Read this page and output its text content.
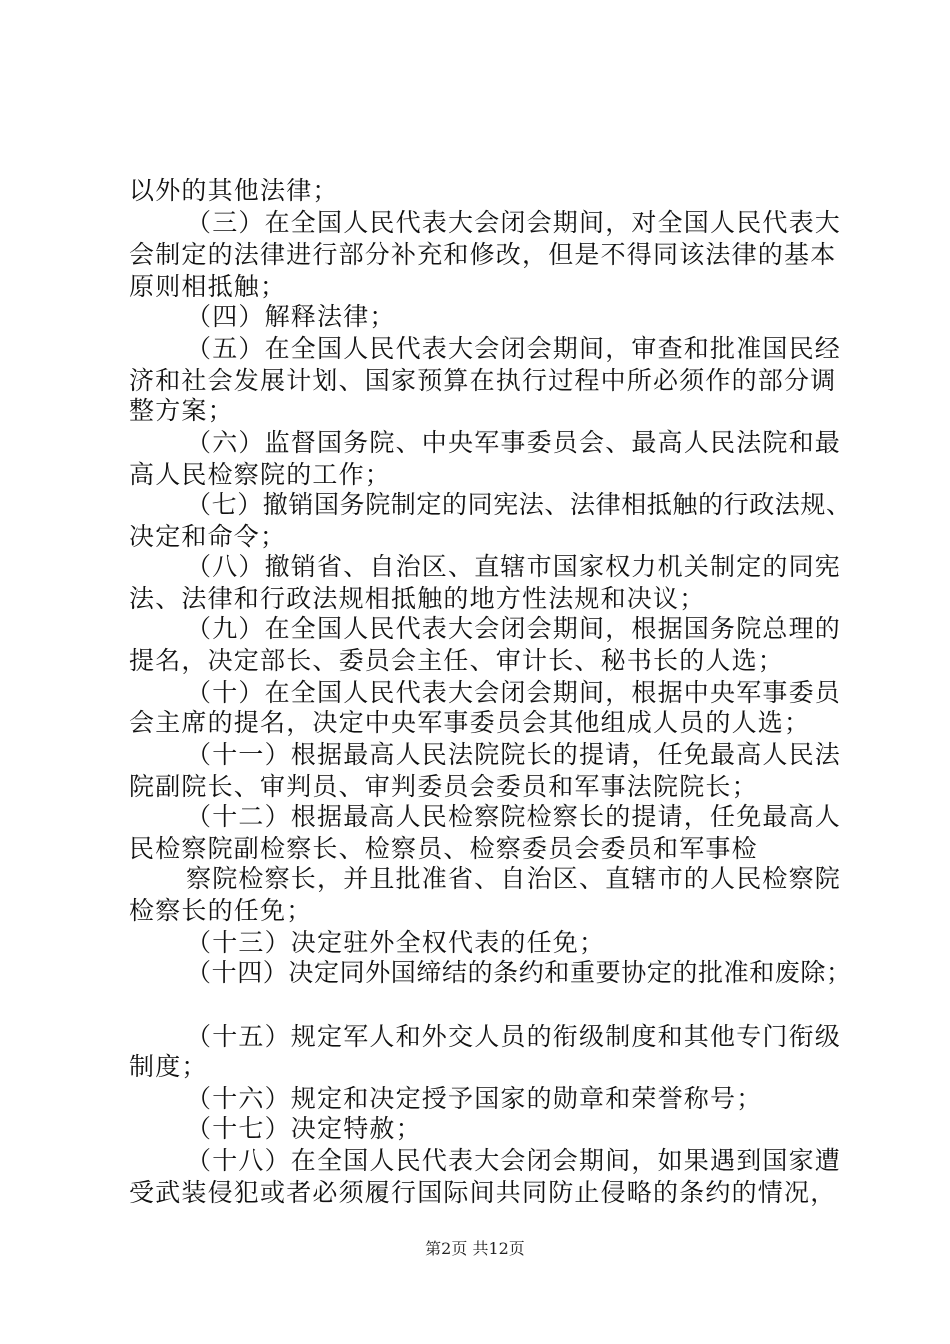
以外的其他法律；
（三）在全国人民代表大会闭会期间，对全国人民代表大
会制定的法律进行部分补充和修改，但是不得同该法律的基本
原则相抵触；
（四）解释法律；
（五）在全国人民代表大会闭会期间，审查和批准国民经
济和社会发展计划、国家预算在执行过程中所必须作的部分调
整方案；
（六）监督国务院、中央军事委员会、最高人民法院和最
高人民检察院的工作；
（七）撤销国务院制定的同宪法、法律相抵触的行政法规、
决定和命令；
（八）撤销省、自治区、直辖市国家权力机关制定的同宪
法、法律和行政法规相抵触的地方性法规和决议；
（九）在全国人民代表大会闭会期间，根据国务院总理的
提名，决定部长、委员会主任、审计长、秘书长的人选；
（十）在全国人民代表大会闭会期间，根据中央军事委员
会主席的提名，决定中央军事委员会其他组成人员的人选；
（十一）根据最高人民法院院长的提请，任免最高人民法
院副院长、审判员、审判委员会委员和军事法院院长；
（十二）根据最高人民检察院检察长的提请，任免最高人
民检察院副检察长、检察员、检察委员会委员和军事检
察院检察长，并且批准省、自治区、直辖市的人民检察院
检察长的任免；
（十三）决定驻外全权代表的任免；
（十四）决定同外国缔结的条约和重要协定的批准和废除；
（十五）规定军人和外交人员的衔级制度和其他专门衔级
制度；
（十六）规定和决定授予国家的勋章和荣誉称号；
（十七）决定特赦；
（十八）在全国人民代表大会闭会期间，如果遇到国家遭
受武装侵犯或者必须履行国际间共同防止侵略的条约的情况，
第2页 共12页
